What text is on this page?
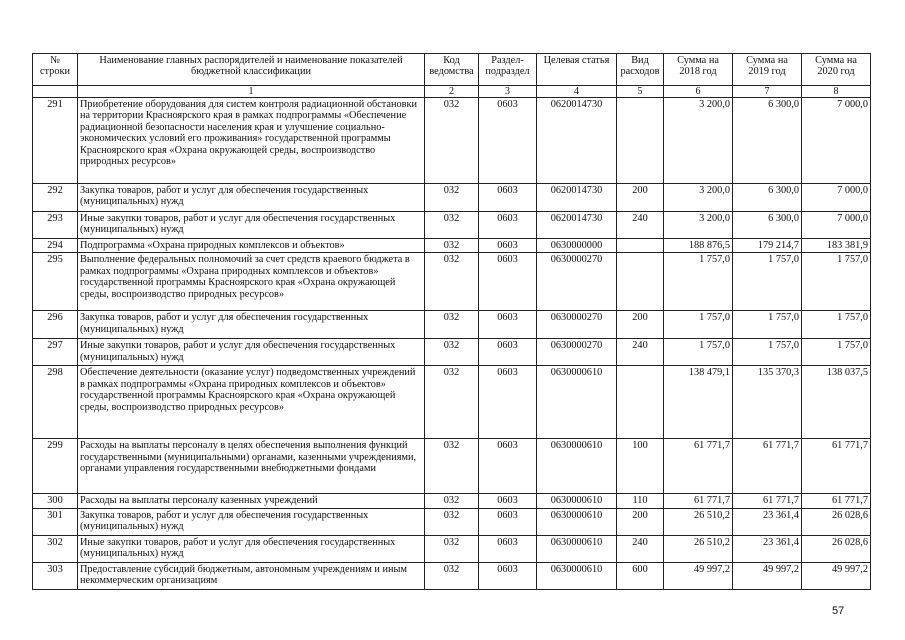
№ строки	Наименование главных распорядителей и наименование показателей бюджетной классификации	Код ведомства	Раздел-подраздел	Целевая статья	Вид расходов	Сумма на 2018 год	Сумма на 2019 год	Сумма на 2020 год
	1	2	3	4	5	6	7	8
291	Приобретение оборудования для систем контроля радиационной обстановки на территории Красноярского края в рамках подпрограммы «Обеспечение радиационной безопасности населения края и улучшение социально-экономических условий его проживания» государственной программы Красноярского края «Охрана окружающей среды, воспроизводство природных ресурсов»	032	0603	0620014730		3 200,0	6 300,0	7 000,0
292	Закупка товаров, работ и услуг для обеспечения государственных (муниципальных) нужд	032	0603	0620014730	200	3 200,0	6 300,0	7 000,0
293	Иные закупки товаров, работ и услуг для обеспечения государственных (муниципальных) нужд	032	0603	0620014730	240	3 200,0	6 300,0	7 000,0
294	Подпрограмма «Охрана природных комплексов и объектов»	032	0603	0630000000		188 876,5	179 214,7	183 381,9
295	Выполнение федеральных полномочий за счет средств краевого бюджета в рамках подпрограммы «Охрана природных комплексов и объектов» государственной программы Красноярского края «Охрана окружающей среды, воспроизводство природных ресурсов»	032	0603	0630000270		1 757,0	1 757,0	1 757,0
296	Закупка товаров, работ и услуг для обеспечения государственных (муниципальных) нужд	032	0603	0630000270	200	1 757,0	1 757,0	1 757,0
297	Иные закупки товаров, работ и услуг для обеспечения государственных (муниципальных) нужд	032	0603	0630000270	240	1 757,0	1 757,0	1 757,0
298	Обеспечение деятельности (оказание услуг) подведомственных учреждений в рамках подпрограммы «Охрана природных комплексов и объектов» государственной программы Красноярского края «Охрана окружающей среды, воспроизводство природных ресурсов»	032	0603	0630000610		138 479,1	135 370,3	138 037,5
299	Расходы на выплаты персоналу в целях обеспечения выполнения функций государственными (муниципальными) органами, казенными учреждениями, органами управления государственными внебюджетными фондами	032	0603	0630000610	100	61 771,7	61 771,7	61 771,7
300	Расходы на выплаты персоналу казенных учреждений	032	0603	0630000610	110	61 771,7	61 771,7	61 771,7
301	Закупка товаров, работ и услуг для обеспечения государственных (муниципальных) нужд	032	0603	0630000610	200	26 510,2	23 361,4	26 028,6
302	Иные закупки товаров, работ и услуг для обеспечения государственных (муниципальных) нужд	032	0603	0630000610	240	26 510,2	23 361,4	26 028,6
303	Предоставление субсидий бюджетным, автономным учреждениям и иным некоммерческим организациям	032	0603	0630000610	600	49 997,2	49 997,2	49 997,2
57
